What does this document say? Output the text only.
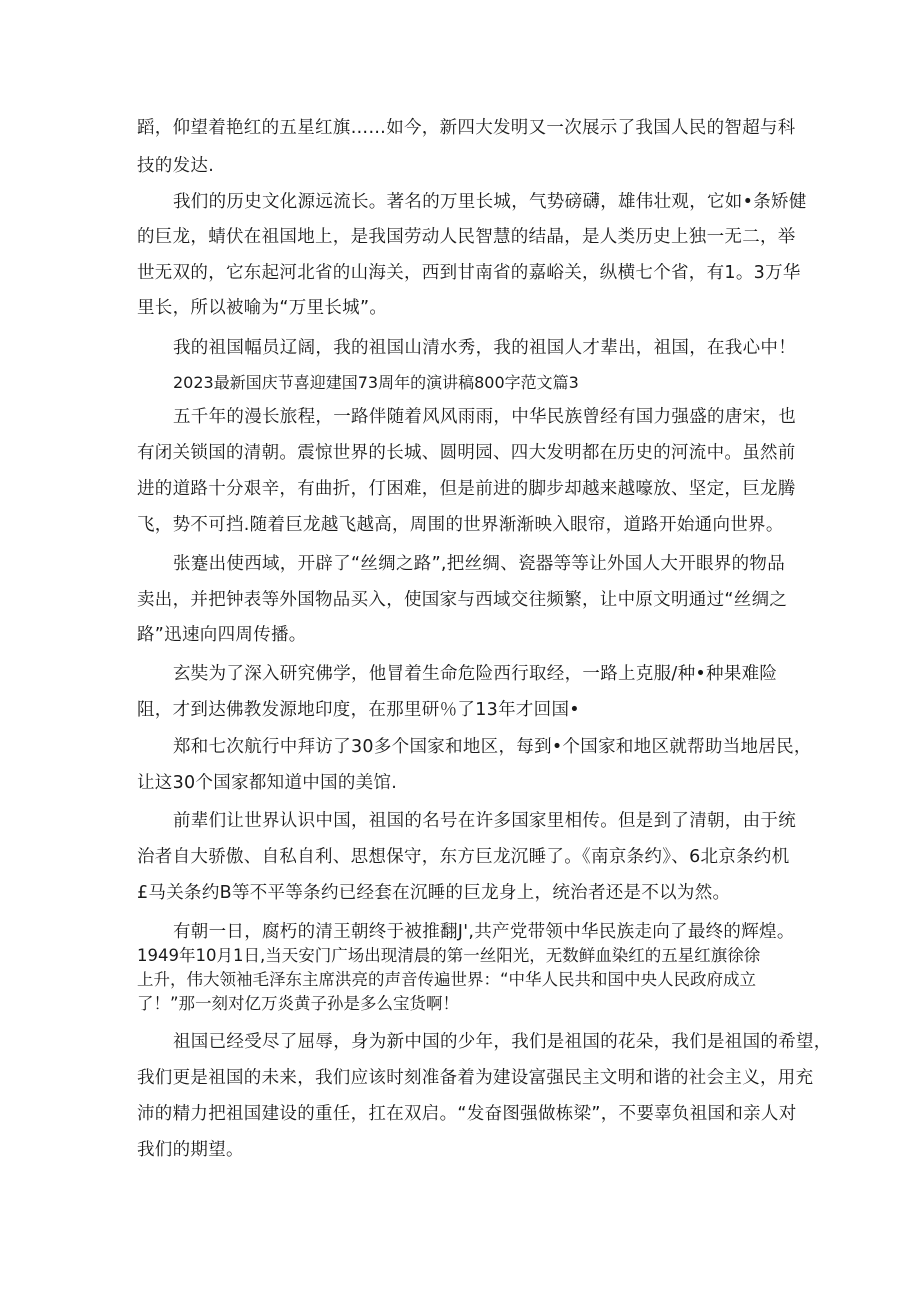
蹈，仰望着艳红的五星红旗……如今，新四大发明又一次展示了我国人民的智超与科
技的发达.
我们的历史文化源远流长。著名的万里长城，气势磅礴，雄伟壮观，它如•条矫健
的巨龙，蜻伏在祖国地上，是我国劳动人民智慧的结晶，是人类历史上独一无二，举
世无双的，它东起河北省的山海关，西到甘南省的嘉峪关，纵横七个省，有1。3万华
里长，所以被喻为“万里长城”。
我的祖国幅员辽阔，我的祖国山清水秀，我的祖国人才辈出，祖国，在我心中！
2023最新国庆节喜迎建国73周年的演讲稿800字范文篇3
五千年的漫长旅程，一路伴随着风风雨雨，中华民族曾经有国力强盛的唐宋，也
有闭关锁国的清朝。震惊世界的长城、圆明园、四大发明都在历史的河流中。虽然前
进的道路十分艰辛，有曲折，仃困难，但是前进的脚步却越来越嚎放、坚定，巨龙腾
飞，势不可挡.随着巨龙越飞越高，周围的世界渐渐映入眼帘，道路开始通向世界。
张蹇出使西域，开辟了“丝绸之路”,把丝绸、瓷器等等让外国人大开眼界的物品
卖出，并把钟表等外国物品买入，使国家与西域交往频繁，让中原文明通过“丝绸之
路”迅速向四周传播。
玄奘为了深入研究佛学，他冒着生命危险西行取经，一路上克服/种•种果难险
阻，才到达佛教发源地印度，在那里研％了13年才回国•
郑和七次航行中拜访了30多个国家和地区，每到•个国家和地区就帮助当地居民，
让这30个国家都知道中国的美馆.
前辈们让世界认识中国，祖国的名号在许多国家里相传。但是到了清朝，由于统
治者自大骄傲、自私自利、思想保守，东方巨龙沉睡了。《南京条约》、6北京条约机
£马关条约B等不平等条约已经套在沉睡的巨龙身上，统治者还是不以为然。
有朝一日，腐朽的清王朝终于被推翻J',共产党带领中华民族走向了最终的辉煌。
1949年10月1日,当天安门广场出现清晨的第一丝阳光，无数鲜血染红的五星红旗徐徐
上升，伟大领袖毛泽东主席洪亮的声音传遍世界：“中华人民共和国中央人民政府成立
了！”那一刻对亿万炎黄子孙是多么宝货啊！
祖国已经受尽了屈辱，身为新中国的少年，我们是祖国的花朵，我们是祖国的希望，
我们更是祖国的未来，我们应该时刻准备着为建设富强民主文明和谐的社会主义，用充
沛的精力把祖国建设的重任，扛在双启。“发奋图强做栋梁”，不要辜负祖国和亲人对
我们的期望。
